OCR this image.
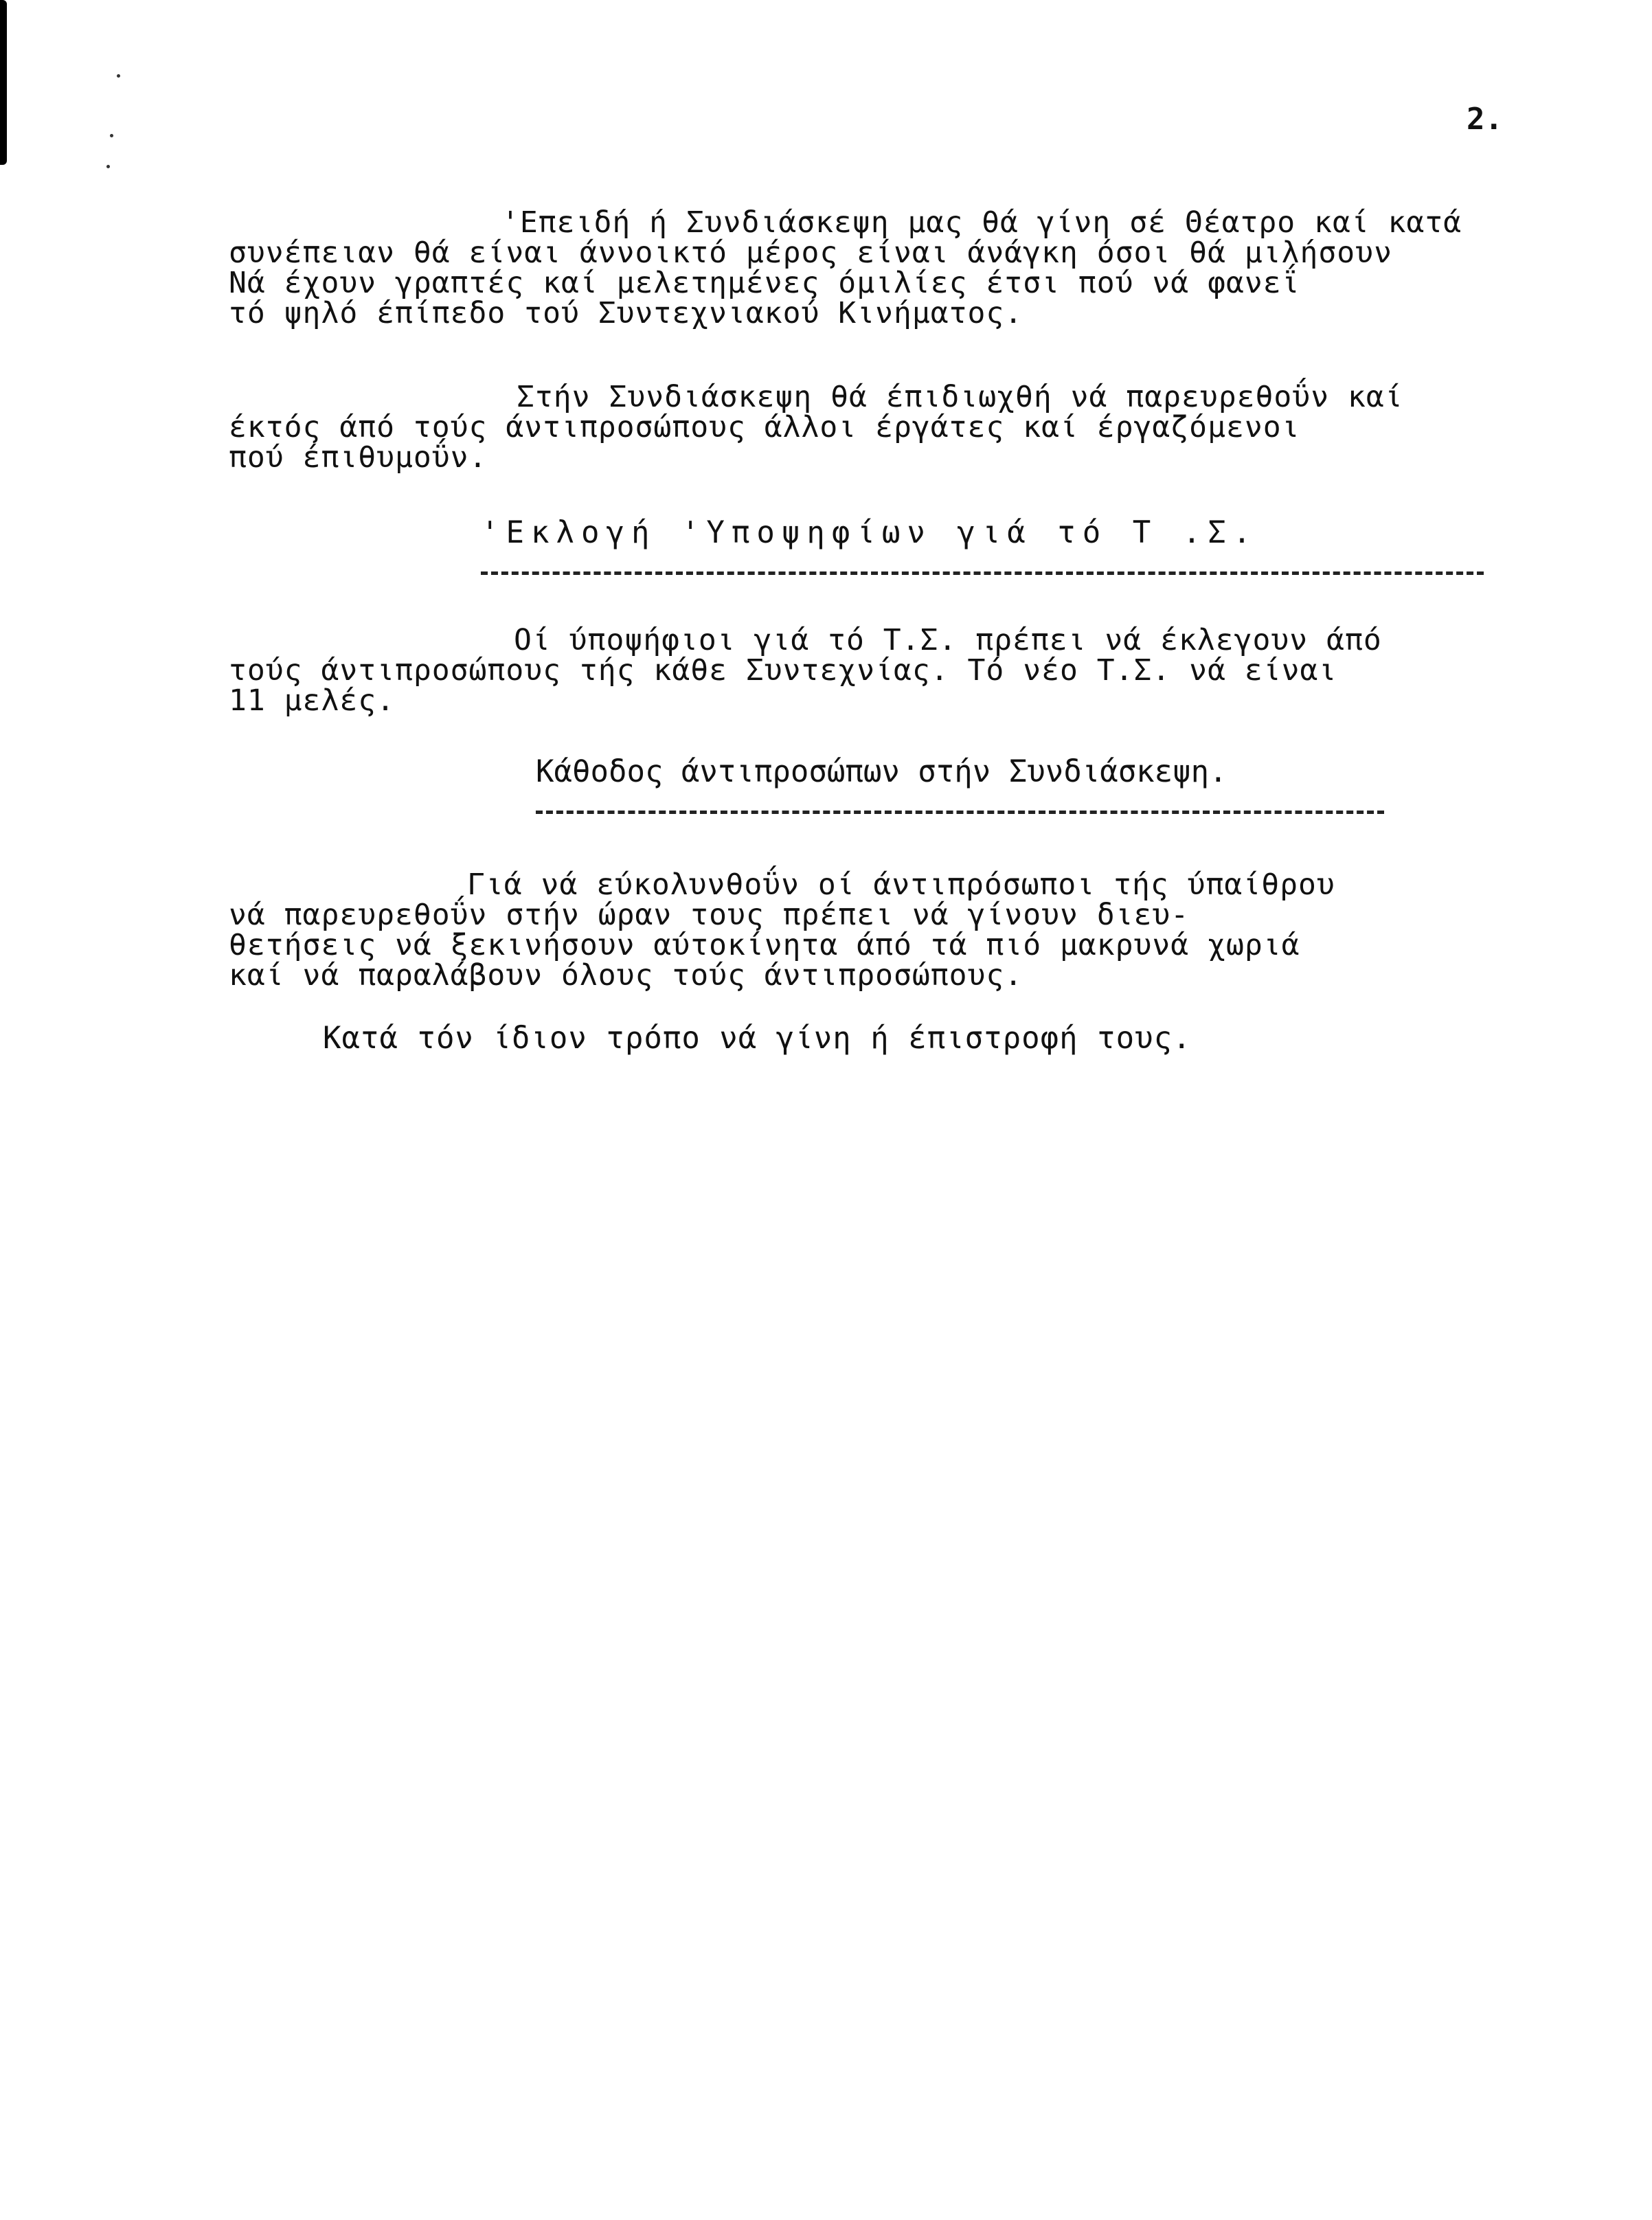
2.
'Επειδή ή Συνδιάσκεψη μας θά γίνη σέ Θέατρο καί κατά
συνέπειαν θά είναι άννοικτό μέρος είναι άνάγκη όσοι θά μιλήσουν
Νά έχουν γραπτές καί μελετημένες όμιλίες έτσι πού νά φανεΐ
τό ψηλό έπίπεδο τού Συντεχνιακού Κινήματος.
Στήν Συνδιάσκεψη θά έπιδιωχθή νά παρευρεθοΰν καί
έκτός άπό τούς άντιπροσώπους άλλοι έργάτες καί έργαζόμενοι
πού έπιθυμοΰν.
'Εκλογή 'Υποψηφίων γιά τό Τ .Σ.
Οί ύποψήφιοι γιά τό Τ.Σ. πρέπει νά έκλεγουν άπό
τούς άντιπροσώπους τής κάθε Συντεχνίας. Τό νέο Τ.Σ. νά είναι
11 μελές.
Κάθοδος άντιπροσώπων στήν Συνδιάσκεψη.
Γιά νά εύκολυνθοΰν οί άντιπρόσωποι τής ύπαίθρου
νά παρευρεθοΰν στήν ώραν τους πρέπει νά γίνουν διευ-
θετήσεις νά ξεκινήσουν αύτοκίνητα άπό τά πιό μακρυνά χωριά
καί νά παραλάβουν όλους τούς άντιπροσώπους.
Κατά τόν ίδιον τρόπο νά γίνη ή έπιστροφή τους.
